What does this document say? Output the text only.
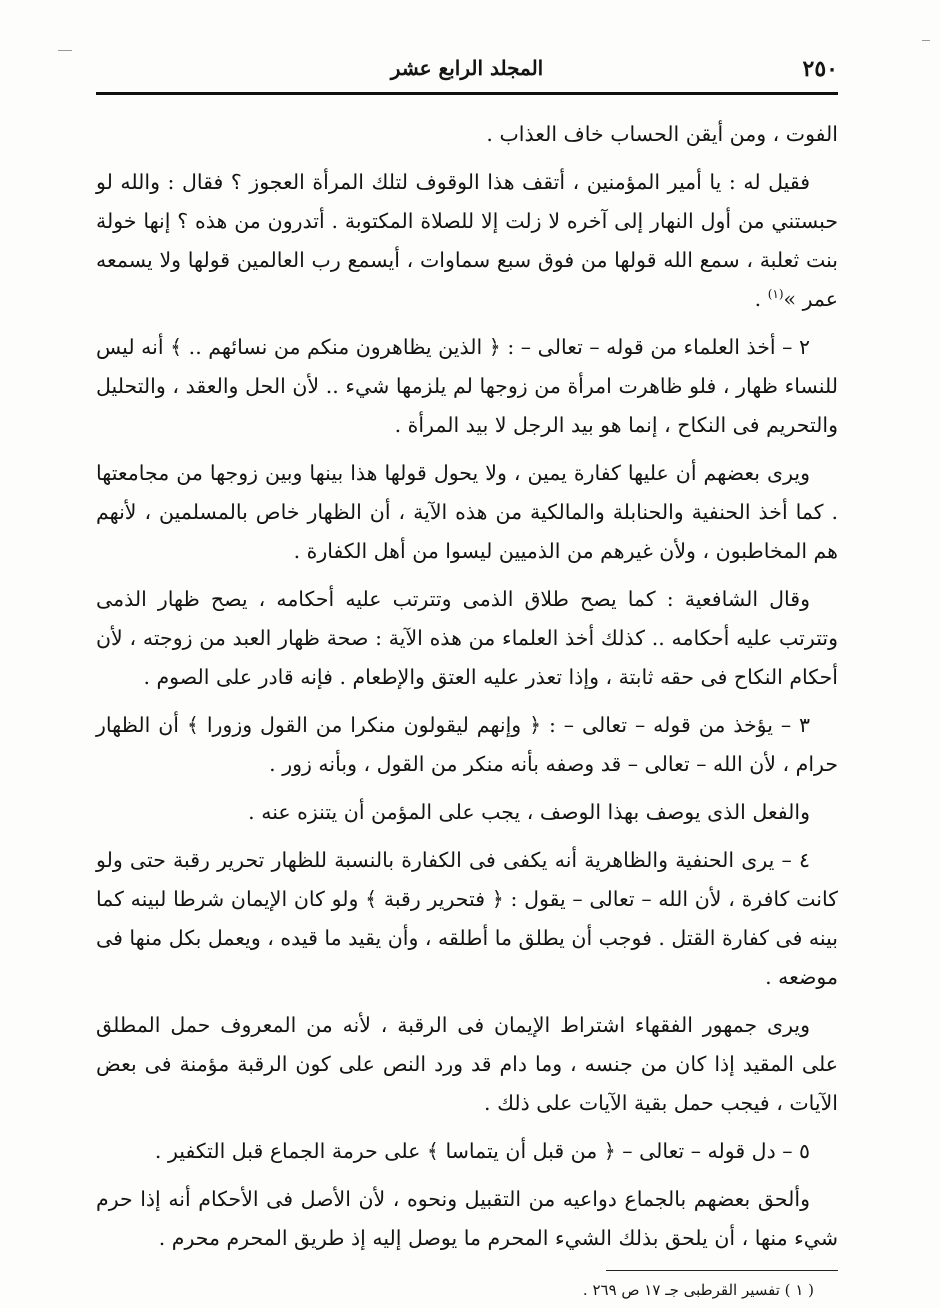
٢٥٠
المجلد الرابع عشر

الفوت ، ومن أيقن الحساب خاف العذاب .

فقيل له : يا أمير المؤمنين ، أتقف هذا الوقوف لتلك المرأة العجوز ؟ فقال : والله لو حبستني من أول النهار إلى آخره لا زلت إلا للصلاة المكتوبة . أتدرون من هذه ؟ إنها خولة بنت ثعلبة ، سمع الله قولها من فوق سبع سماوات ، أيسمع رب العالمين قولها ولا يسمعه عمر »$^{(١)}$ .

٢ – أخذ العلماء من قوله – تعالى – : ﴿ الذين يظاهرون منكم من نسائهم .. ﴾ أنه ليس للنساء ظهار ، فلو ظاهرت امرأة من زوجها لم يلزمها شيء .. لأن الحل والعقد ، والتحليل والتحريم فى النكاح ، إنما هو بيد الرجل لا بيد المرأة .

ويرى بعضهم أن عليها كفارة يمين ، ولا يحول قولها هذا بينها وبين زوجها من مجامعتها . كما أخذ الحنفية والحنابلة والمالكية من هذه الآية ، أن الظهار خاص بالمسلمين ، لأنهم هم المخاطبون ، ولأن غيرهم من الذميين ليسوا من أهل الكفارة .

وقال الشافعية : كما يصح طلاق الذمى وتترتب عليه أحكامه ، يصح ظهار الذمى وتترتب عليه أحكامه .. كذلك أخذ العلماء من هذه الآية : صحة ظهار العبد من زوجته ، لأن أحكام النكاح فى حقه ثابتة ، وإذا تعذر عليه العتق والإطعام . فإنه قادر على الصوم .

٣ – يؤخذ من قوله – تعالى – : ﴿ وإنهم ليقولون منكرا من القول وزورا ﴾ أن الظهار حرام ، لأن الله – تعالى – قد وصفه بأنه منكر من القول ، وبأنه زور .

والفعل الذى يوصف بهذا الوصف ، يجب على المؤمن أن يتنزه عنه .

٤ – يرى الحنفية والظاهرية أنه يكفى فى الكفارة بالنسبة للظهار تحرير رقبة حتى ولو كانت كافرة ، لأن الله – تعالى – يقول : ﴿ فتحرير رقبة ﴾ ولو كان الإيمان شرطا لبينه كما بينه فى كفارة القتل . فوجب أن يطلق ما أطلقه ، وأن يقيد ما قيده ، ويعمل بكل منها فى موضعه .

ويرى جمهور الفقهاء اشتراط الإيمان فى الرقبة ، لأنه من المعروف حمل المطلق على المقيد إذا كان من جنسه ، وما دام قد ورد النص على كون الرقبة مؤمنة فى بعض الآيات ، فيجب حمل بقية الآيات على ذلك .

٥ – دل قوله – تعالى – ﴿ من قبل أن يتماسا ﴾ على حرمة الجماع قبل التكفير .

وألحق بعضهم بالجماع دواعيه من التقبيل ونحوه ، لأن الأصل فى الأحكام أنه إذا حرم شيء منها ، أن يلحق بذلك الشيء المحرم ما يوصل إليه إذ طريق المحرم محرم .

( ١ ) تفسير القرطبى جـ ١٧ ص ٢٦٩ .
